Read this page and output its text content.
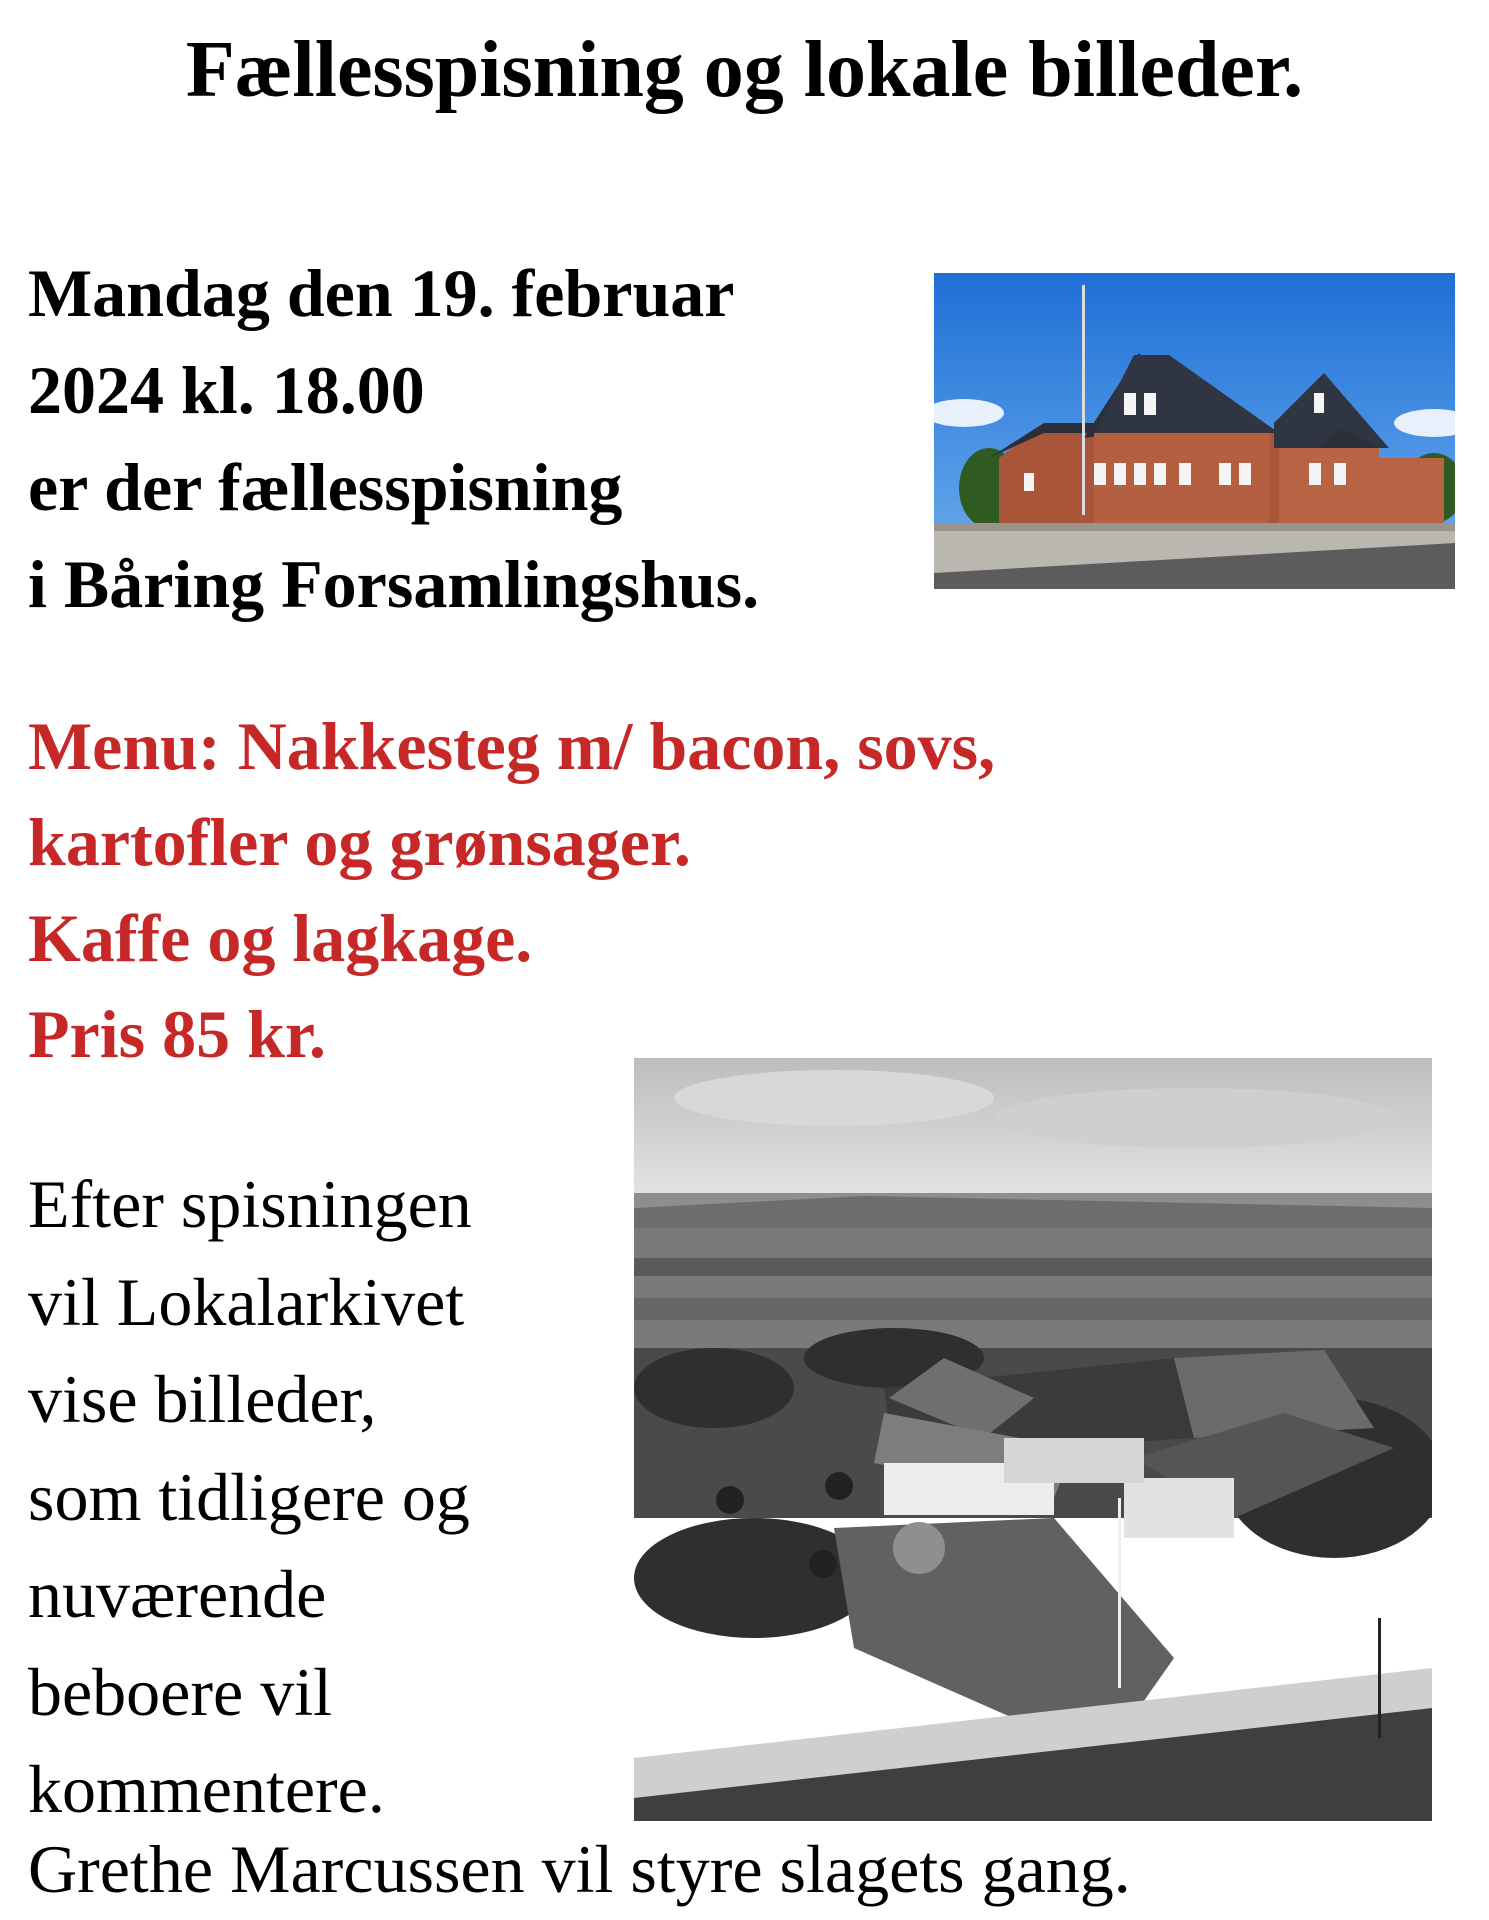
Fællesspisning og lokale billeder.

Mandag den 19. februar
2024 kl. 18.00
er der fællesspisning
i Båring Forsamlingshus.

Menu: Nakkesteg m/ bacon, sovs,
kartofler og grønsager.
Kaffe og lagkage.
Pris 85 kr.

Efter spisningen
vil Lokalarkivet
vise billeder,
som tidligere og
nuværende
beboere vil
kommentere.

Grethe Marcussen vil styre slagets gang.
